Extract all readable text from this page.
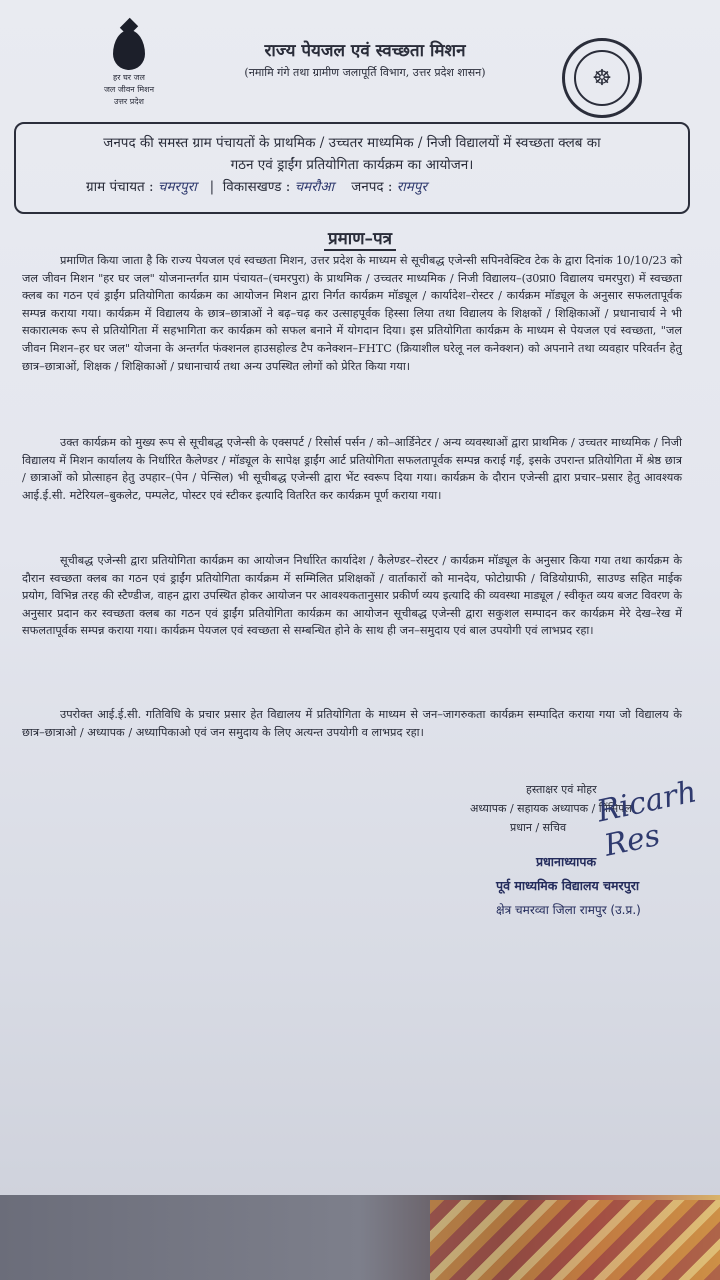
हर घर जल
जल जीवन मिशन
उत्तर प्रदेश
राज्य पेयजल एवं स्वच्छता मिशन
(नमामि गंगे तथा ग्रामीण जलापूर्ति विभाग, उत्तर प्रदेश शासन)	☸
जनपद की समस्त ग्राम पंचायतों के प्राथमिक / उच्चतर माध्यमिक / निजी विद्यालयों में स्वच्छता क्लब का
गठन एवं ड्राईंग प्रतियोगिता कार्यक्रम का आयोजन।
ग्राम पंचायत : चमरपुरा   |  विकासखण्ड : चमरौआ जनपद : रामपुर
प्रमाण–पत्र
प्रमाणित किया जाता है कि राज्य पेयजल एवं स्वच्छता मिशन, उत्तर प्रदेश के माध्यम से सूचीबद्ध एजेन्सी सपिनवेक्टिव टेक के द्वारा दिनांक 10/10/23 को जल जीवन मिशन "हर घर जल" योजनान्तर्गत ग्राम पंचायत–(चमरपुरा) के प्राथमिक / उच्चतर माध्यमिक / निजी विद्यालय–(उ0प्रा0 विद्यालय चमरपुरा) में स्वच्छता क्लब का गठन एवं ड्राईंग प्रतियोगिता कार्यक्रम का आयोजन मिशन द्वारा निर्गत कार्यक्रम मॉड्यूल / कार्यादेश–रोस्टर / कार्यक्रम मॉड्यूल के अनुसार सफलतापूर्वक सम्पन्न कराया गया। कार्यक्रम में विद्यालय के छात्र–छात्राओं ने बढ़–चढ़ कर उत्साहपूर्वक हिस्सा लिया तथा विद्यालय के शिक्षकों / शिक्षिकाओं / प्रधानाचार्य ने भी सकारात्मक रूप से प्रतियोगिता में सहभागिता कर कार्यक्रम को सफल बनाने में योगदान दिया। इस प्रतियोगिता कार्यक्रम के माध्यम से पेयजल एवं स्वच्छता, "जल जीवन मिशन–हर घर जल" योजना के अन्तर्गत फंक्शनल हाउसहोल्ड टैप कनेक्शन–FHTC (क्रियाशील घरेलू नल कनेक्शन) को अपनाने तथा व्यवहार परिवर्तन हेतु छात्र–छात्राओं, शिक्षक / शिक्षिकाओं / प्रधानाचार्य तथा अन्य उपस्थित लोगों को प्रेरित किया गया।
उक्त कार्यक्रम को मुख्य रूप से सूचीबद्ध एजेन्सी के एक्सपर्ट / रिसोर्स पर्सन / को–आर्डिनेटर / अन्य व्यवस्थाओं द्वारा प्राथमिक / उच्चतर माध्यमिक / निजी विद्यालय में मिशन कार्यालय के निर्धारित कैलेण्डर / मॉड्यूल के सापेक्ष ड्राईंग आर्ट प्रतियोगिता सफलतापूर्वक सम्पन्न कराई गई, इसके उपरान्त प्रतियोगिता में श्रेष्ठ छात्र / छात्राओं को प्रोत्साहन हेतु उपहार–(पेन / पेन्सिल) भी सूचीबद्ध एजेन्सी द्वारा भेंट स्वरूप दिया गया। कार्यक्रम के दौरान एजेन्सी द्वारा प्रचार–प्रसार हेतु आवश्यक आई.ई.सी. मटेरियल–बुकलेट, पम्पलेट, पोस्टर एवं स्टीकर इत्यादि वितरित कर कार्यक्रम पूर्ण कराया गया।
सूचीबद्ध एजेन्सी द्वारा प्रतियोगिता कार्यक्रम का आयोजन निर्धारित कार्यादेश / कैलेण्डर–रोस्टर / कार्यक्रम मॉड्यूल के अनुसार किया गया तथा कार्यक्रम के दौरान स्वच्छता क्लब का गठन एवं ड्राईंग प्रतियोगिता कार्यक्रम में सम्मिलित प्रशिक्षकों / वार्ताकारों को मानदेय, फोटोग्राफी / विडियोग्राफी, साउण्ड सहित माईक प्रयोग, विभिन्न तरह की स्टैण्डीज, वाहन द्वारा उपस्थित होकर आयोजन पर आवश्यकतानुसार प्रकीर्ण व्यय इत्यादि की व्यवस्था माड्यूल / स्वीकृत व्यय बजट विवरण के अनुसार प्रदान कर स्वच्छता क्लब का गठन एवं ड्राईंग प्रतियोगिता कार्यक्रम का आयोजन सूचीबद्ध एजेन्सी द्वारा सकुशल सम्पादन कर कार्यक्रम मेरे देख–रेख में सफलतापूर्वक सम्पन्न कराया गया। कार्यक्रम पेयजल एवं स्वच्छता से सम्बन्धित होने के साथ ही जन–समुदाय एवं बाल उपयोगी एवं लाभप्रद रहा।
उपरोक्त आई.ई.सी. गतिविधि के प्रचार प्रसार हेत विद्यालय में प्रतियोगिता के माध्यम से जन–जागरुकता कार्यक्रम सम्पादित कराया गया जो विद्यालय के छात्र–छात्राओ / अध्यापक / अध्यापिकाओ एवं जन समुदाय के लिए अत्यन्त उपयोगी व लाभप्रद रहा।
हस्ताक्षर एवं मोहर
अध्यापक / सहायक अध्यापक / प्रिंसिपल
प्रधान / सचिव Ricarh Res
प्रधानाध्यापक
पूर्व माध्यमिक विद्यालय चमरपुरा
क्षेत्र चमरव्वा जिला रामपुर (उ.प्र.)
